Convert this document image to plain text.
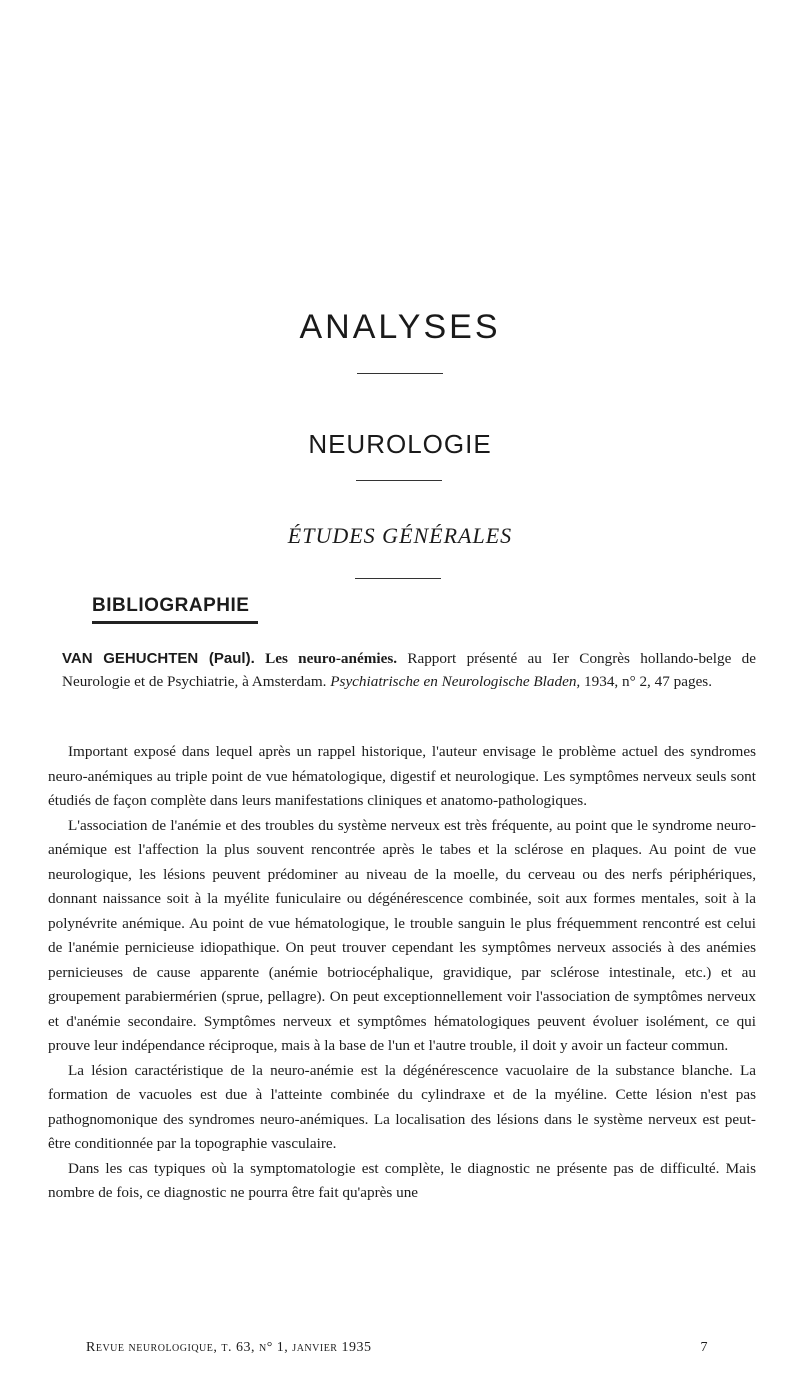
ANALYSES
NEUROLOGIE
ÉTUDES GÉNÉRALES
BIBLIOGRAPHIE
VAN GEHUCHTEN (Paul). Les neuro-anémies. Rapport présenté au Ier Congrès hollando-belge de Neurologie et de Psychiatrie, à Amsterdam. Psychiatrische en Neurologische Bladen, 1934, n° 2, 47 pages.

Important exposé dans lequel après un rappel historique, l'auteur envisage le problème actuel des syndromes neuro-anémiques au triple point de vue hématologique, digestif et neurologique. Les symptômes nerveux seuls sont étudiés de façon complète dans leurs manifestations cliniques et anatomo-pathologiques.

L'association de l'anémie et des troubles du système nerveux est très fréquente, au point que le syndrome neuro-anémique est l'affection la plus souvent rencontrée après le tabes et la sclérose en plaques. Au point de vue neurologique, les lésions peuvent prédominer au niveau de la moelle, du cerveau ou des nerfs périphériques, donnant naissance soit à la myélite funiculaire ou dégénérescence combinée, soit aux formes mentales, soit à la polynévrite anémique. Au point de vue hématologique, le trouble sanguin le plus fréquemment rencontré est celui de l'anémie pernicieuse idiopathique. On peut trouver cependant les symptômes nerveux associés à des anémies pernicieuses de cause apparente (anémie botriocéphalique, gravidique, par sclérose intestinale, etc.) et au groupement parabiermérien (sprue, pellagre). On peut exceptionnellement voir l'association de symptômes nerveux et d'anémie secondaire. Symptômes nerveux et symptômes hématologiques peuvent évoluer isolément, ce qui prouve leur indépendance réciproque, mais à la base de l'un et l'autre trouble, il doit y avoir un facteur commun.

La lésion caractéristique de la neuro-anémie est la dégénérescence vacuolaire de la substance blanche. La formation de vacuoles est due à l'atteinte combinée du cylindraxe et de la myéline. Cette lésion n'est pas pathognomonique des syndromes neuro-anémiques. La localisation des lésions dans le système nerveux est peut-être conditionnée par la topographie vasculaire.

Dans les cas typiques où la symptomatologie est complète, le diagnostic ne présente pas de difficulté. Mais nombre de fois, ce diagnostic ne pourra être fait qu'après une

Revue neurologique, t. 63, n° 1, janvier 1935	7
